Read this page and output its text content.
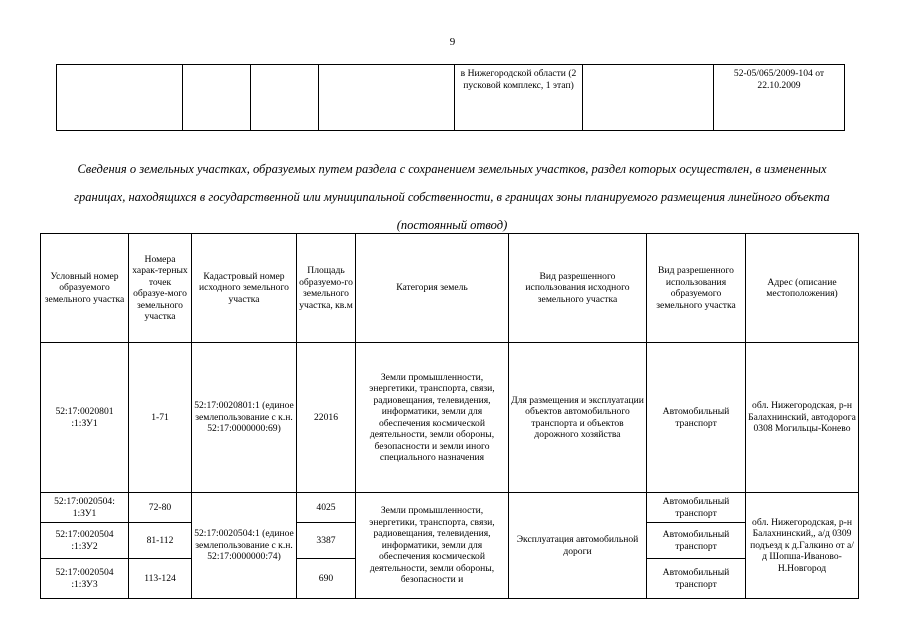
9
				в Нижегородской области (2 пусковой комплекс, 1 этап)		52-05/065/2009-104 от 22.10.2009
Сведения о земельных участках, образуемых путем раздела с сохранением земельных участков, раздел которых осуществлен, в измененных границах, находящихся в государственной или муниципальной собственности, в границах зоны планируемого размещения линейного объекта (постоянный отвод)
Условный номер образуемого земельного участка	Номера харак-терных точек образуе-мого земельного участка	Кадастровый номер исходного земельного участка	Площадь образуемо-го земельного участка, кв.м	Категория земель	Вид разрешенного использования исходного земельного участка	Вид разрешенного использования образуемого земельного участка	Адрес (описание местоположения)
52:17:0020801 :1:ЗУ1	1-71	52:17:0020801:1 (единое землепользование с к.н. 52:17:0000000:69)	22016	Земли промышленности, энергетики, транспорта, связи, радиовещания, телевидения, информатики, земли для обеспечения космической деятельности, земли обороны, безопасности и земли иного специального назначения	Для размещения и эксплуатации объектов автомобильного транспорта и объектов дорожного хозяйства	Автомобильный транспорт	обл. Нижегородская, р-н Балахнинский, автодорога 0308 Могильцы-Конево
52:17:0020504: 1:ЗУ1	72-80	52:17:0020504:1 (единое землепользование с к.н. 52:17:0000000:74)	4025	Земли промышленности, энергетики, транспорта, связи, радиовещания, телевидения, информатики, земли для обеспечения космической деятельности, земли обороны, безопасности и	Эксплуатация автомобильной дороги	Автомобильный транспорт	обл. Нижегородская, р-н Балахнинский,, а/д 0309 подъезд к д.Галкино от а/д Шопша-Иваново-Н.Новгород
52:17:0020504 :1:ЗУ2	81-112		3387			Автомобильный транспорт	
52:17:0020504 :1:ЗУ3	113-124		690			Автомобильный транспорт	
